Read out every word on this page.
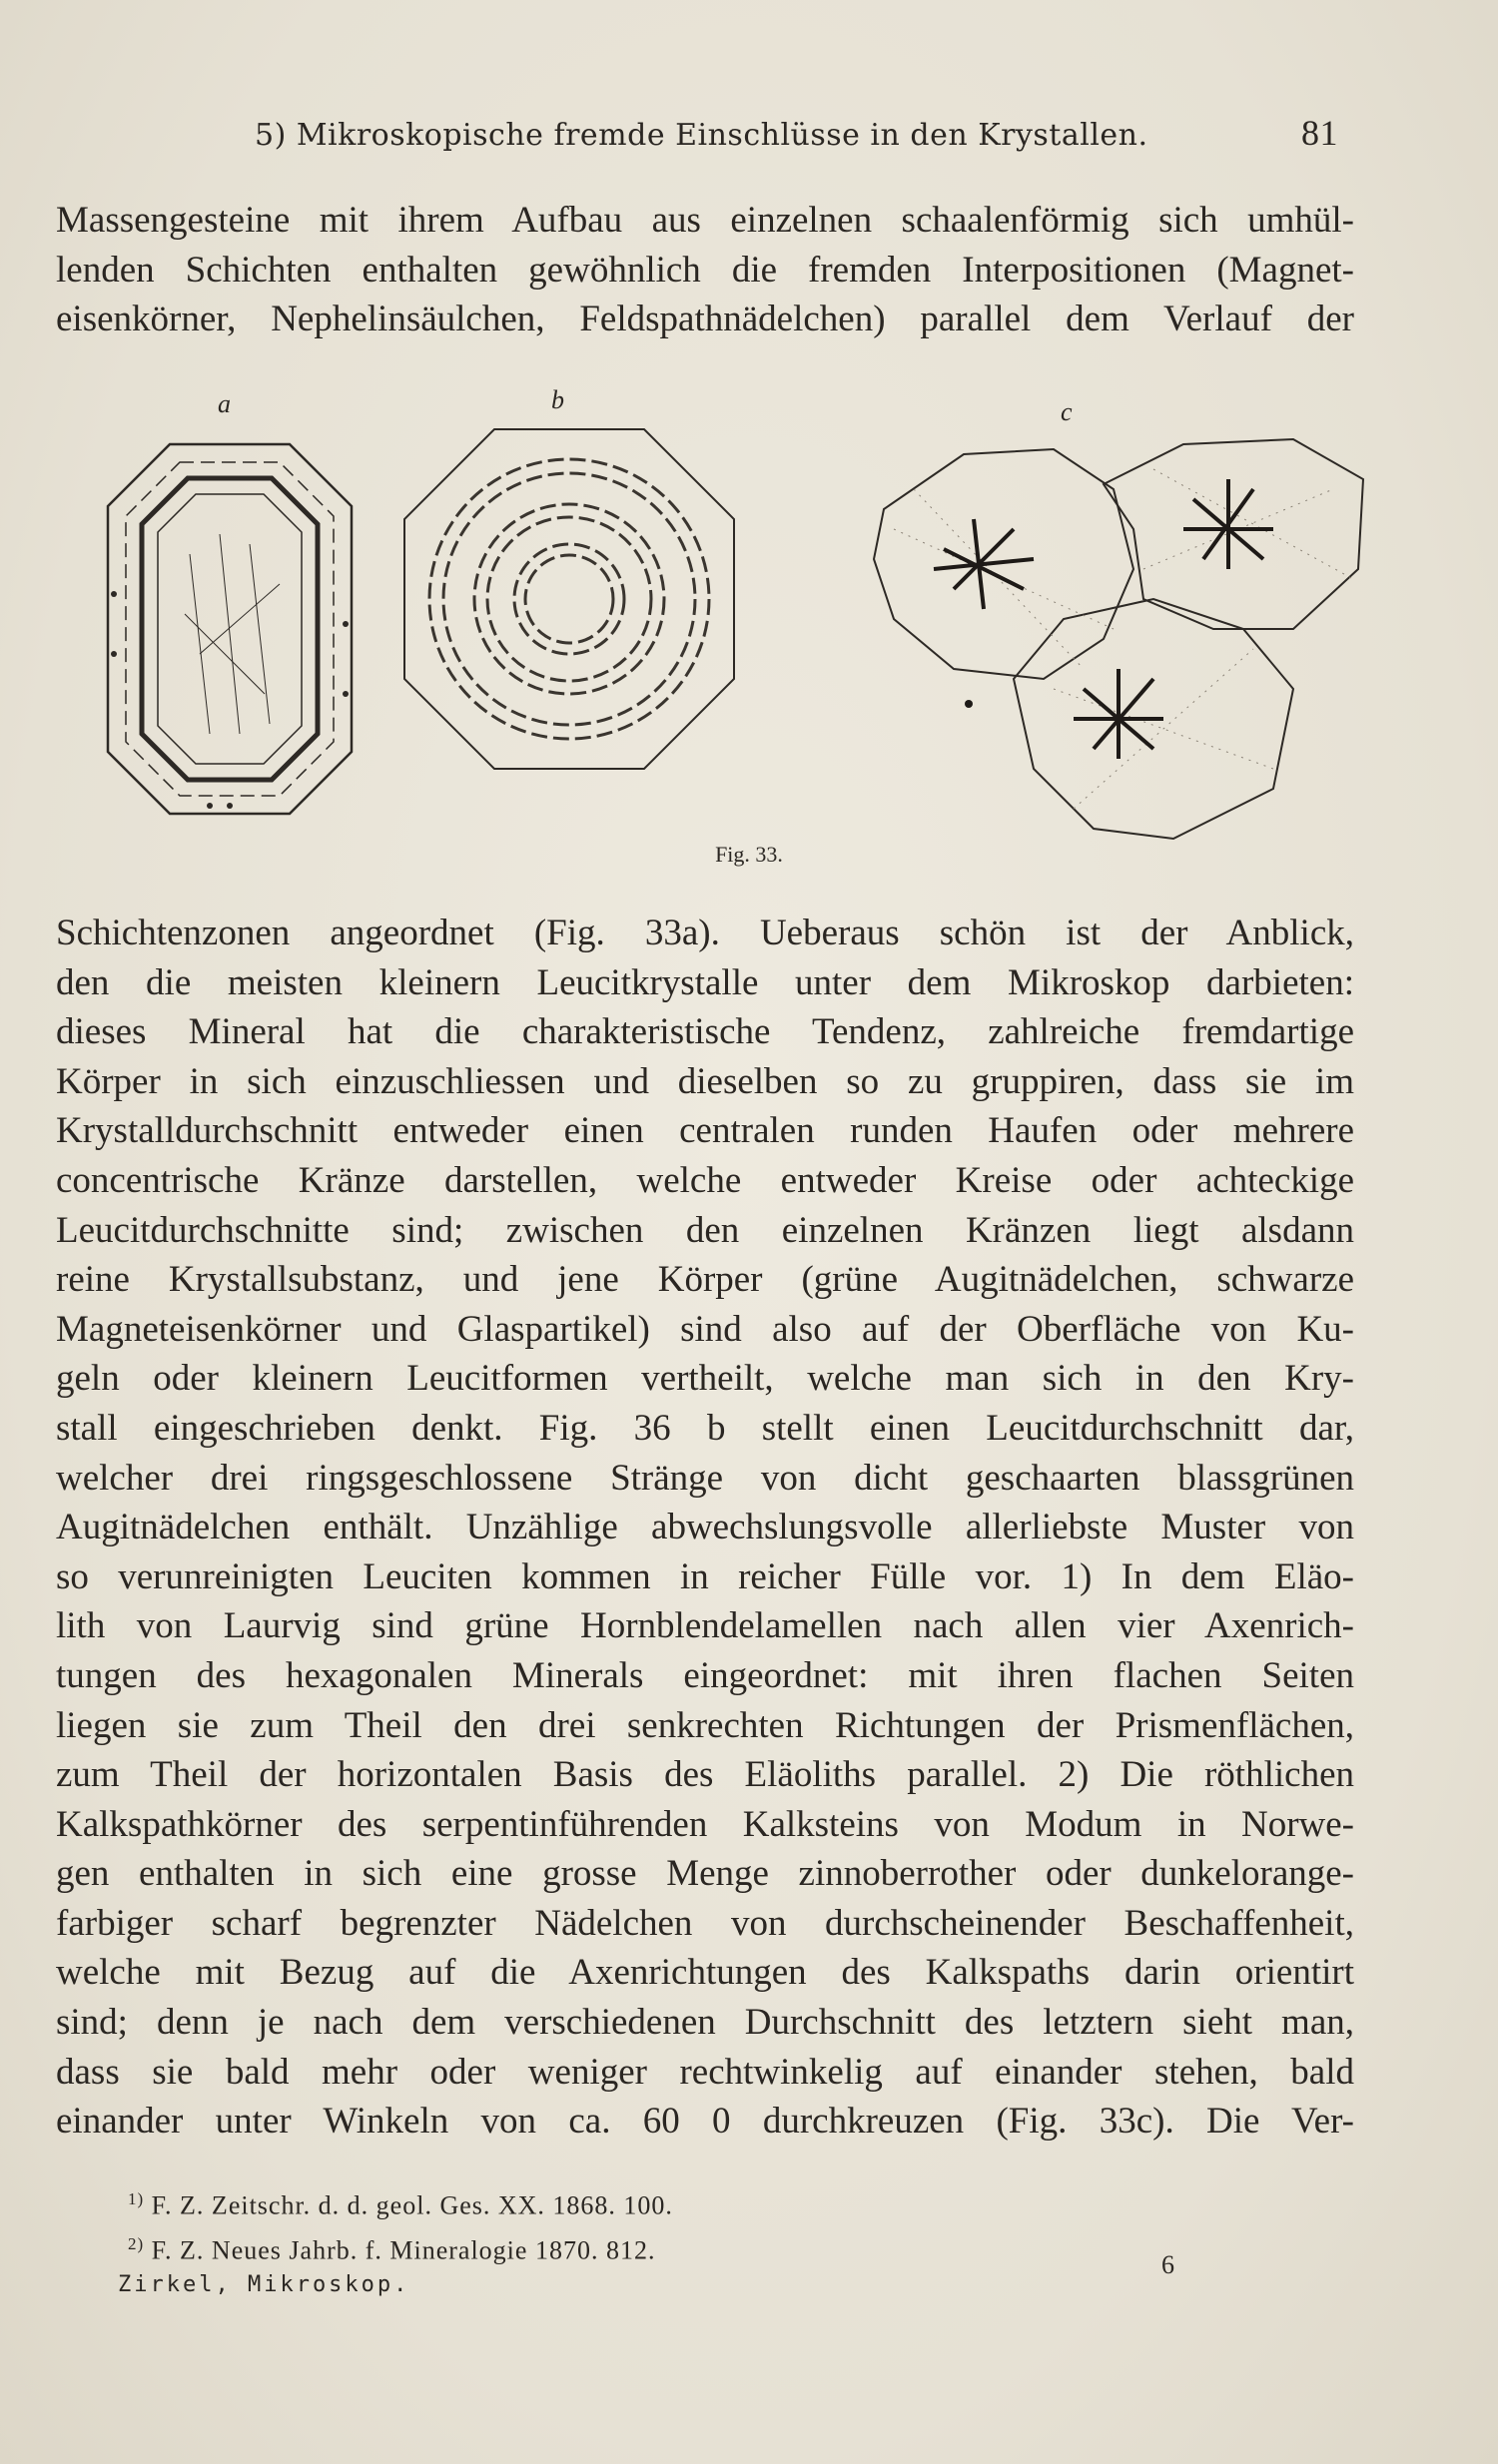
5) Mikroskopische fremde Einschlüsse in den Krystallen.	81
Massengesteine mit ihrem Aufbau aus einzelnen schaalenförmig sich umhül-
lenden Schichten enthalten gewöhnlich die fremden Interpositionen (Magnet-
eisenkörner, Nephelinsäulchen, Feldspathnädelchen) parallel dem Verlauf der
a	b	c
Fig. 33.
Schichtenzonen angeordnet (Fig. 33a). Ueberaus schön ist der Anblick,
den die meisten kleinern Leucitkrystalle unter dem Mikroskop darbieten:
dieses Mineral hat die charakteristische Tendenz, zahlreiche fremdartige
Körper in sich einzuschliessen und dieselben so zu gruppiren, dass sie im
Krystalldurchschnitt entweder einen centralen runden Haufen oder mehrere
concentrische Kränze darstellen, welche entweder Kreise oder achteckige
Leucitdurchschnitte sind; zwischen den einzelnen Kränzen liegt alsdann
reine Krystallsubstanz, und jene Körper (grüne Augitnädelchen, schwarze
Magneteisenkörner und Glaspartikel) sind also auf der Oberfläche von Ku-
geln oder kleinern Leucitformen vertheilt, welche man sich in den Kry-
stall eingeschrieben denkt. Fig. 36 b stellt einen Leucitdurchschnitt dar,
welcher drei ringsgeschlossene Stränge von dicht geschaarten blassgrünen
Augitnädelchen enthält. Unzählige abwechslungsvolle allerliebste Muster von
so verunreinigten Leuciten kommen in reicher Fülle vor. 1) In dem Eläo-
lith von Laurvig sind grüne Hornblendelamellen nach allen vier Axenrich-
tungen des hexagonalen Minerals eingeordnet: mit ihren flachen Seiten
liegen sie zum Theil den drei senkrechten Richtungen der Prismenflächen,
zum Theil der horizontalen Basis des Eläoliths parallel. 2) Die röthlichen
Kalkspathkörner des serpentinführenden Kalksteins von Modum in Norwe-
gen enthalten in sich eine grosse Menge zinnoberrother oder dunkelorange-
farbiger scharf begrenzter Nädelchen von durchscheinender Beschaffenheit,
welche mit Bezug auf die Axenrichtungen des Kalkspaths darin orientirt
sind; denn je nach dem verschiedenen Durchschnitt des letztern sieht man,
dass sie bald mehr oder weniger rechtwinkelig auf einander stehen, bald
einander unter Winkeln von ca. 60 0 durchkreuzen (Fig. 33c). Die Ver-
$^{1)}$ F. Z. Zeitschr. d. d. geol. Ges. XX. 1868. 100.
$^{2)}$ F. Z. Neues Jahrb. f. Mineralogie 1870. 812.
Zirkel, Mikroskop.
6
